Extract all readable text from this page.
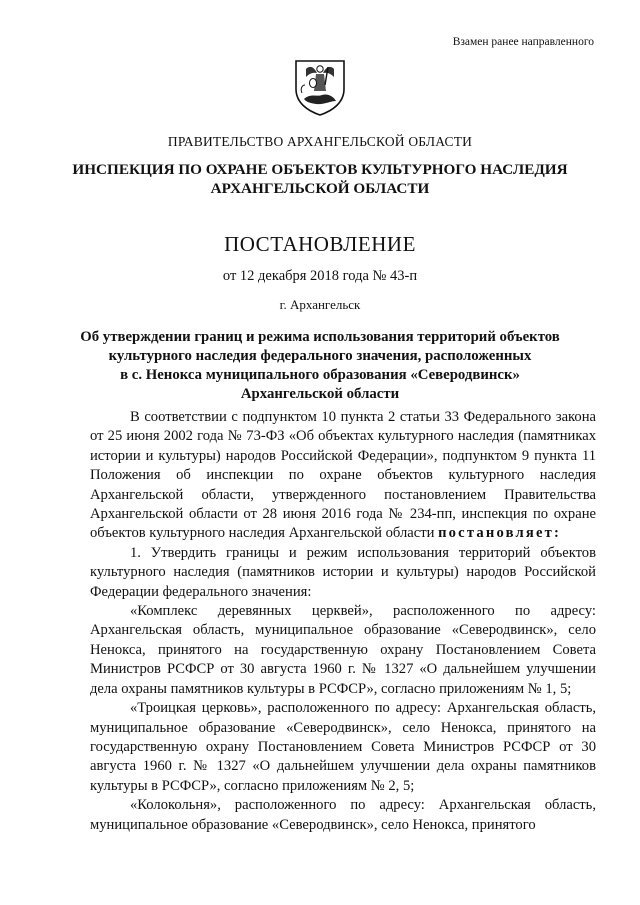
Взамен ранее направленного
ПРАВИТЕЛЬСТВО АРХАНГЕЛЬСКОЙ ОБЛАСТИ
ИНСПЕКЦИЯ ПО ОХРАНЕ ОБЪЕКТОВ КУЛЬТУРНОГО НАСЛЕДИЯ
АРХАНГЕЛЬСКОЙ ОБЛАСТИ
ПОСТАНОВЛЕНИЕ
от 12 декабря 2018 года № 43-п
г. Архангельск
Об утверждении границ и режима использования территорий объектов
культурного наследия федерального значения, расположенных
в с. Ненокса муниципального образования «Северодвинск»
Архангельской области

В соответствии с подпунктом 10 пункта 2 статьи 33 Федерального закона от 25 июня 2002 года № 73-ФЗ «Об объектах культурного наследия (памятниках истории и культуры) народов Российской Федерации», подпунктом 9 пункта 11 Положения об инспекции по охране объектов культурного наследия Архангельской области, утвержденного постановлением Правительства Архангельской области от 28 июня 2016 года № 234-пп, инспекция по охране объектов культурного наследия Архангельской области постановляет:

1. Утвердить границы и режим использования территорий объектов культурного наследия (памятников истории и культуры) народов Российской Федерации федерального значения:

«Комплекс деревянных церквей», расположенного по адресу: Архангельская область, муниципальное образование «Северодвинск», село Ненокса, принятого на государственную охрану Постановлением Совета Министров РСФСР от 30 августа 1960 г. № 1327 «О дальнейшем улучшении дела охраны памятников культуры в РСФСР», согласно приложениям № 1, 5;

«Троицкая церковь», расположенного по адресу: Архангельская область, муниципальное образование «Северодвинск», село Ненокса, принятого на государственную охрану Постановлением Совета Министров РСФСР от 30 августа 1960 г. № 1327 «О дальнейшем улучшении дела охраны памятников культуры в РСФСР», согласно приложениям № 2, 5;

«Колокольня», расположенного по адресу: Архангельская область, муниципальное образование «Северодвинск», село Ненокса, принятого
